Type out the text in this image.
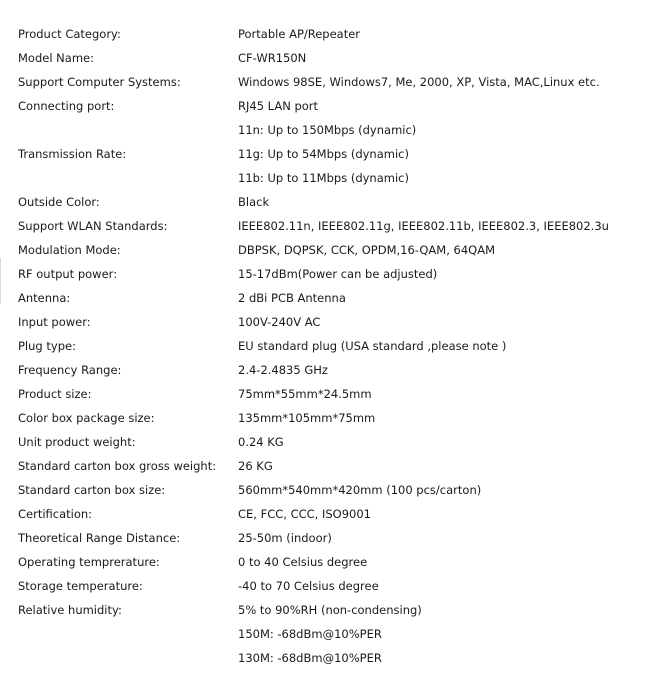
Product Category:	Portable AP/Repeater
Model Name:	CF-WR150N
Support Computer Systems:	Windows 98SE, Windows7, Me, 2000, XP, Vista, MAC,Linux etc.
Connecting port:	RJ45 LAN port
11n: Up to 150Mbps (dynamic)
Transmission Rate:	11g: Up to 54Mbps (dynamic)
11b: Up to 11Mbps (dynamic)
Outside Color:	Black
Support WLAN Standards:	IEEE802.11n, IEEE802.11g, IEEE802.11b, IEEE802.3, IEEE802.3u
Modulation Mode:	DBPSK, DQPSK, CCK, OPDM,16-QAM, 64QAM
RF output power:	15-17dBm(Power can be adjusted)
Antenna:	2 dBi PCB Antenna
Input power:	100V-240V AC
Plug type:	EU standard plug (USA standard ,please note )
Frequency Range:	2.4-2.4835 GHz
Product size:	75mm*55mm*24.5mm
Color box package size:	135mm*105mm*75mm
Unit product weight:	0.24 KG
Standard carton box gross weight:	26 KG
Standard carton box size:	560mm*540mm*420mm (100 pcs/carton)
Certification:	CE, FCC, CCC, ISO9001
Theoretical Range Distance:	25-50m (indoor)
Operating temprerature:	0 to 40 Celsius degree
Storage temperature:	-40 to 70 Celsius degree
Relative humidity:	5% to 90%RH (non-condensing)
150M: -68dBm@10%PER
130M: -68dBm@10%PER
